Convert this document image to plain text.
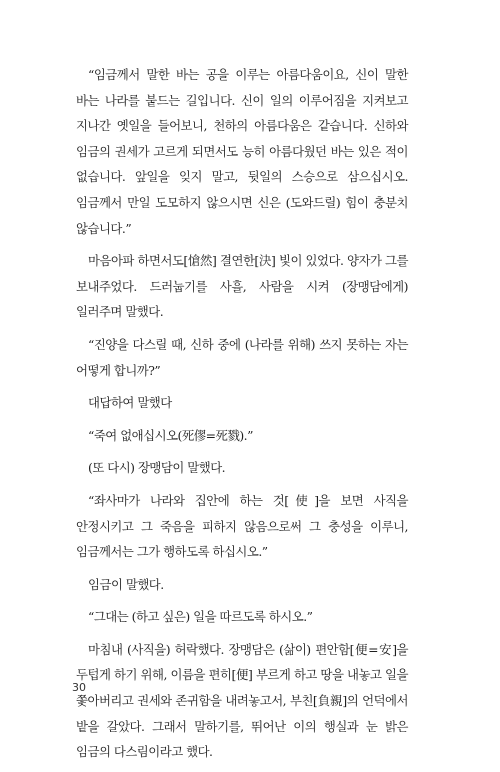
“임금께서 말한 바는 공을 이루는 아름다움이요, 신이 말한 바는 나라를 붙드는 길입니다. 신이 일의 이루어짐을 지켜보고 지나간 옛일을 들어보니, 천하의 아름다움은 같습니다. 신하와 임금의 권세가 고르게 되면서도 능히 아름다웠던 바는 있은 적이 없습니다. 앞일을 잊지 말고, 뒷일의 스승으로 삼으십시오. 임금께서 만일 도모하지 않으시면 신은 (도와드릴) 힘이 충분치 않습니다.”

마음아파 하면서도[愴然] 결연한[決] 빛이 있었다. 양자가 그를 보내주었다. 드러눕기를 사흘, 사람을 시켜 (장맹담에게) 일러주며 말했다.

“진양을 다스릴 때, 신하 중에 (나라를 위해) 쓰지 못하는 자는 어떻게 합니까?”

대답하여 말했다

“죽여 없애십시오(死僇=死戮).”

(또 다시) 장맹담이 말했다.

“좌사마가 나라와 집안에 하는 것[使]을 보면 사직을 안정시키고 그 죽음을 피하지 않음으로써 그 충성을 이루니, 임금께서는 그가 행하도록 하십시오.”

임금이 말했다.

“그대는 (하고 싶은) 일을 따르도록 하시오.”

마침내 (사직을) 허락했다. 장맹담은 (삶이) 편안함[便=安]을 두텁게 하기 위해, 이름을 편히[便] 부르게 하고 땅을 내놓고 일을 쫓아버리고 권세와 존귀함을 내려놓고서, 부친[負親]의 언덕에서 밭을 갈았다. 그래서 말하기를, 뛰어난 이의 행실과 눈 밝은 임금의 다스림이라고 했다.

30
